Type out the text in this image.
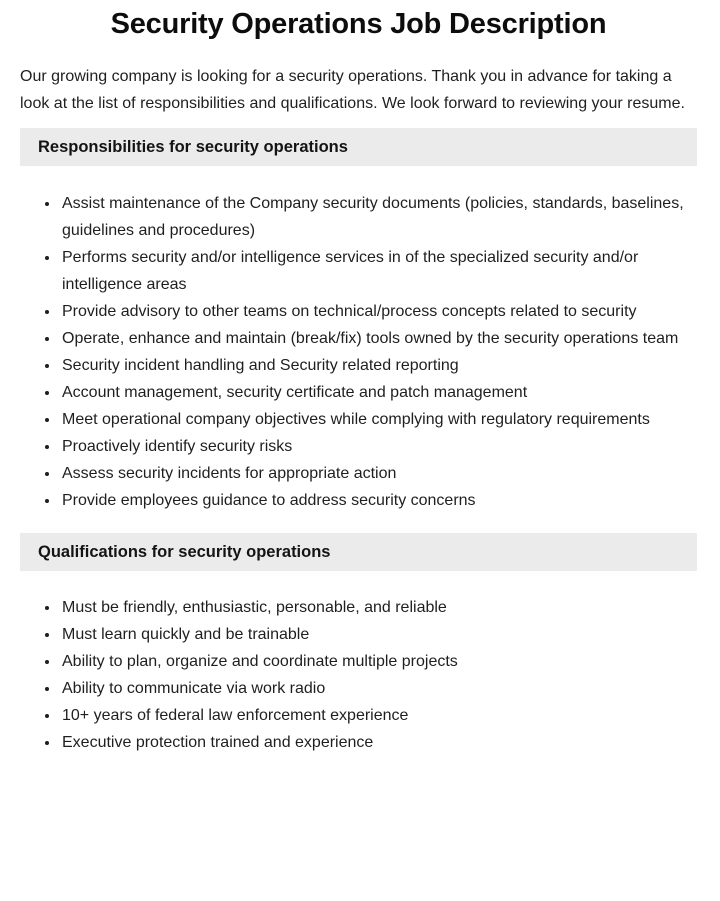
Security Operations Job Description

Our growing company is looking for a security operations. Thank you in advance for taking a look at the list of responsibilities and qualifications. We look forward to reviewing your resume.

Responsibilities for security operations
• Assist maintenance of the Company security documents (policies, standards, baselines, guidelines and procedures)
• Performs security and/or intelligence services in of the specialized security and/or intelligence areas
• Provide advisory to other teams on technical/process concepts related to security
• Operate, enhance and maintain (break/fix) tools owned by the security operations team
• Security incident handling and Security related reporting
• Account management, security certificate and patch management
• Meet operational company objectives while complying with regulatory requirements
• Proactively identify security risks
• Assess security incidents for appropriate action
• Provide employees guidance to address security concerns
Qualifications for security operations
• Must be friendly, enthusiastic, personable, and reliable
• Must learn quickly and be trainable
• Ability to plan, organize and coordinate multiple projects
• Ability to communicate via work radio
• 10+ years of federal law enforcement experience
• Executive protection trained and experience
